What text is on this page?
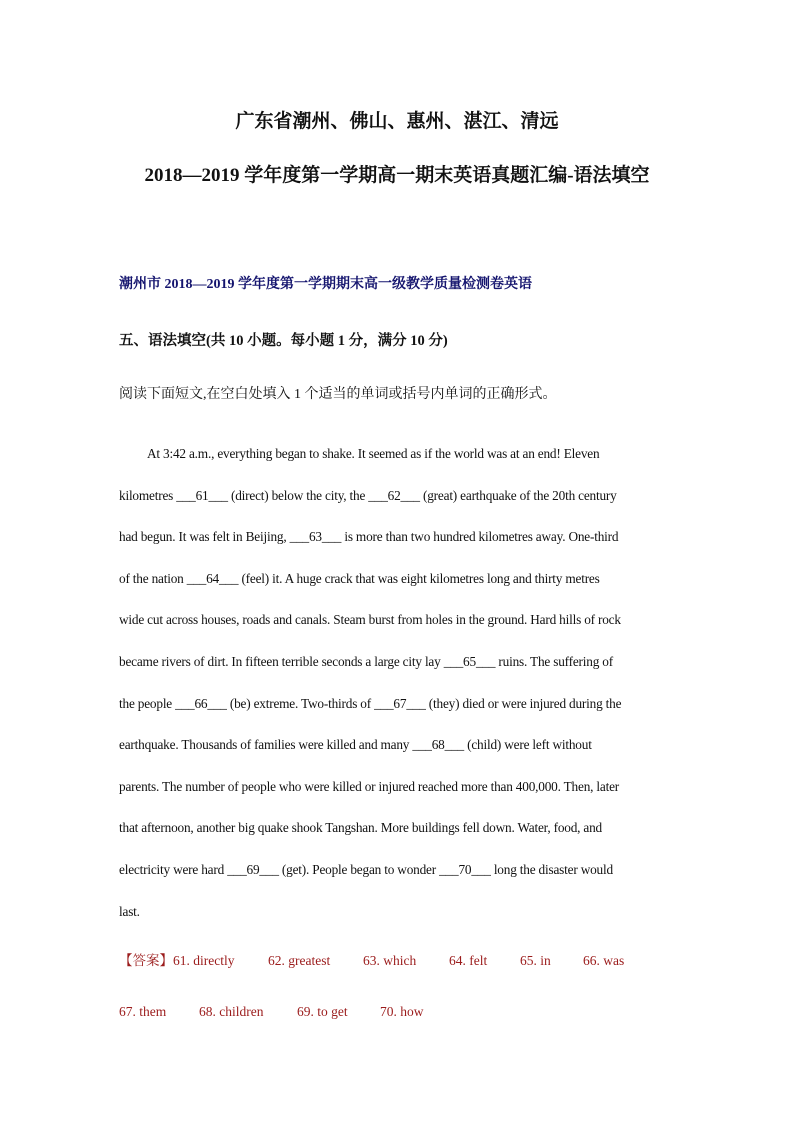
广东省潮州、佛山、惠州、湛江、清远
2018—2019 学年度第一学期高一期末英语真题汇编-语法填空
潮州市 2018—2019 学年度第一学期期末高一级教学质量检测卷英语
五、语法填空(共 10 小题。每小题 1 分，满分 10 分)
阅读下面短文,在空白处填入 1 个适当的单词或括号内单词的正确形式。
At 3:42 a.m., everything began to shake. It seemed as if the world was at an end! Eleven
kilometres ___61___ (direct) below the city, the ___62___ (great) earthquake of the 20th century
had begun. It was felt in Beijing, ___63___ is more than two hundred kilometres away. One-third
of the nation ___64___ (feel) it. A huge crack that was eight kilometres long and thirty metres
wide cut across houses, roads and canals. Steam burst from holes in the ground. Hard hills of rock
became rivers of dirt. In fifteen terrible seconds a large city lay ___65___ ruins. The suffering of
the people ___66___ (be) extreme. Two-thirds of ___67___ (they) died or were injured during the
earthquake. Thousands of families were killed and many ___68___ (child) were left without
parents. The number of people who were killed or injured reached more than 400,000. Then, later
that afternoon, another big quake shook Tangshan. More buildings fell down. Water, food, and
electricity were hard ___69___ (get). People began to wonder ___70___ long the disaster would
last.
【答案】61. directly 62. greatest 63. which 64. felt 65. in 66. was
67. them 68. children 69. to get 70. how
